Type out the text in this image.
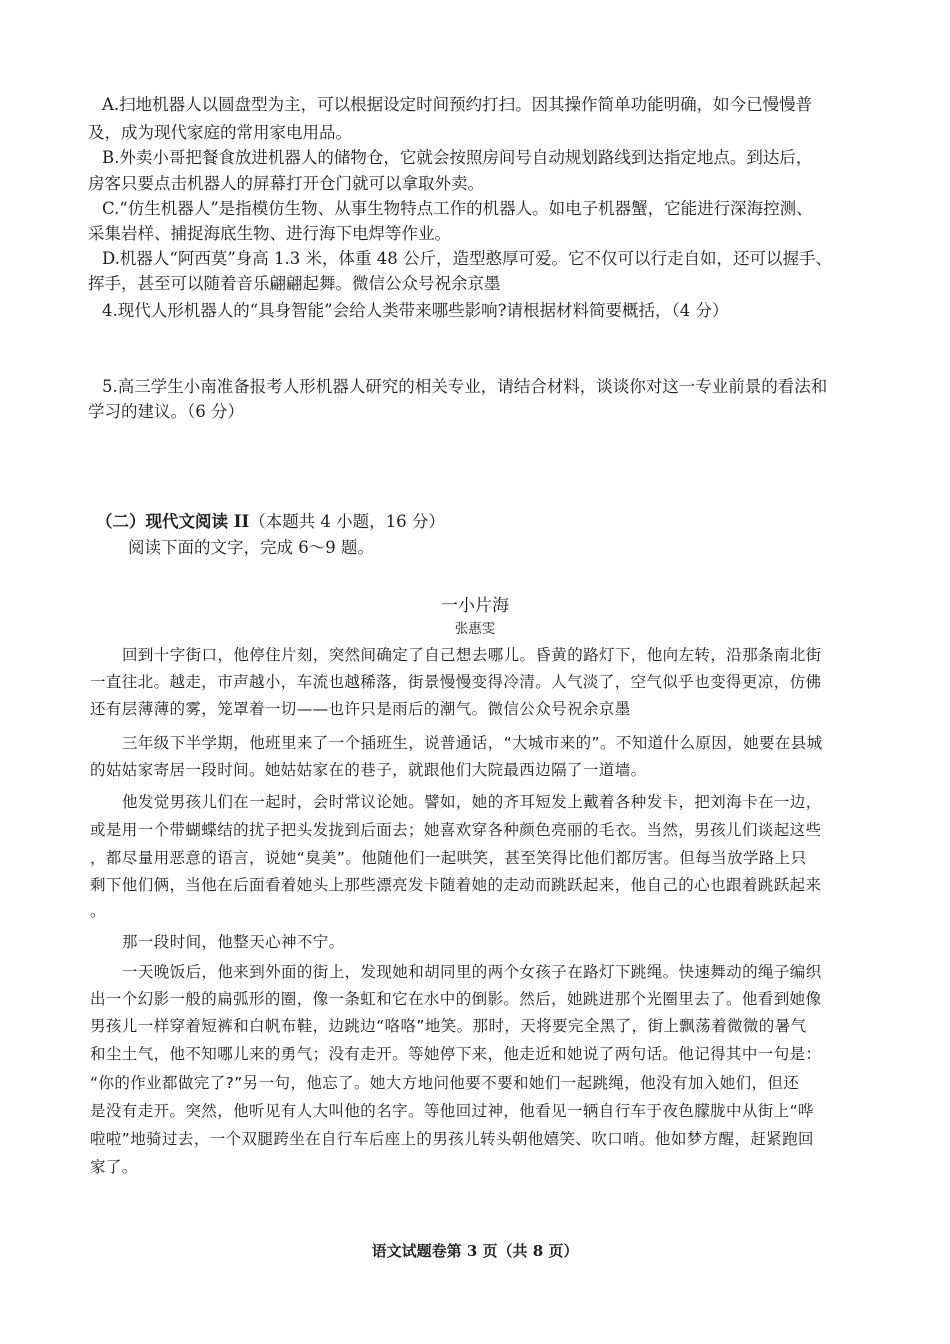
A.扫地机器人以圆盘型为主，可以根据设定时间预约打扫。因其操作简单功能明确，如今已慢慢普
及，成为现代家庭的常用家电用品。
B.外卖小哥把餐食放进机器人的储物仓，它就会按照房间号自动规划路线到达指定地点。到达后，
房客只要点击机器人的屏幕打开仓门就可以拿取外卖。
C.“仿生机器人”是指模仿生物、从事生物特点工作的机器人。如电子机器蟹，它能进行深海控测、
采集岩样、捕捉海底生物、进行海下电焊等作业。
D.机器人“阿西莫”身高 1.3 米，体重 48 公斤，造型憨厚可爱。它不仅可以行走自如，还可以握手、
挥手，甚至可以随着音乐翩翩起舞。微信公众号祝余京墨
4.现代人形机器人的“具身智能”会给人类带来哪些影响?请根据材料简要概括，（4 分）
5.高三学生小南准备报考人形机器人研究的相关专业，请结合材料，谈谈你对这一专业前景的看法和
学习的建议。（6 分）
（二）现代文阅读 II（本题共 4 小题，16 分）
阅读下面的文字，完成 6～9 题。
一小片海
张惠雯
回到十字街口，他停住片刻，突然间确定了自己想去哪儿。昏黄的路灯下，他向左转，沿那条南北街
一直往北。越走，市声越小，车流也越稀落，街景慢慢变得冷清。人气淡了，空气似乎也变得更凉，仿佛
还有层薄薄的雾，笼罩着一切——也许只是雨后的潮气。微信公众号祝余京墨
三年级下半学期，他班里来了一个插班生，说普通话，“大城市来的”。不知道什么原因，她要在县城
的姑姑家寄居一段时间。她姑姑家在的巷子，就跟他们大院最西边隔了一道墙。
他发觉男孩儿们在一起时，会时常议论她。譬如，她的齐耳短发上戴着各种发卡，把刘海卡在一边，
或是用一个带蝴蝶结的扰子把头发拢到后面去；她喜欢穿各种颜色亮丽的毛衣。当然，男孩儿们谈起这些
，都尽量用恶意的语言，说她“臭美”。他随他们一起哄笑，甚至笑得比他们都厉害。但每当放学路上只
剩下他们俩，当他在后面看着她头上那些漂亮发卡随着她的走动而跳跃起来，他自己的心也跟着跳跃起来
。
那一段时间，他整天心神不宁。
一天晚饭后，他来到外面的街上，发现她和胡同里的两个女孩子在路灯下跳绳。快速舞动的绳子编织
出一个幻影一般的扁弧形的圈，像一条虹和它在水中的倒影。然后，她跳进那个光圈里去了。他看到她像
男孩儿一样穿着短裤和白帆布鞋，边跳边“咯咯”地笑。那时，天将要完全黑了，街上飘荡着微微的暑气
和尘土气，他不知哪儿来的勇气；没有走开。等她停下来，他走近和她说了两句话。他记得其中一句是：
“你的作业都做完了?”另一句，他忘了。她大方地问他要不要和她们一起跳绳，他没有加入她们，但还
是没有走开。突然，他听见有人大叫他的名字。等他回过神，他看见一辆自行车于夜色朦胧中从街上“哗
啦啦”地骑过去，一个双腿跨坐在自行车后座上的男孩儿转头朝他嬉笑、吹口哨。他如梦方醒，赶紧跑回
家了。
语文试题卷第 3 页（共 8 页）
